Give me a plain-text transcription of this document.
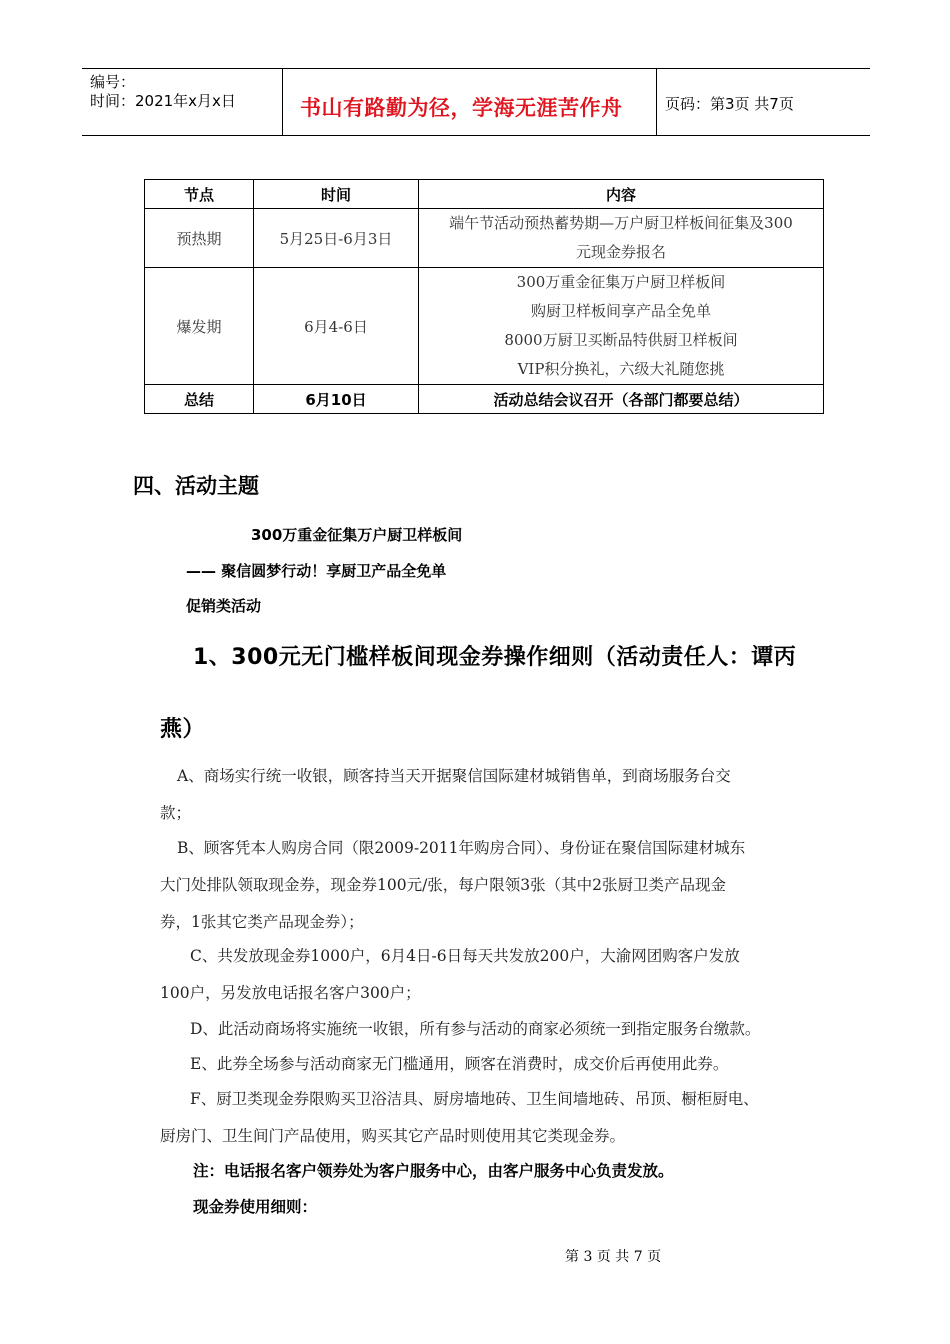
编号：
时间：2021年x月x日	书山有路勤为径，学海无涯苦作舟	页码：第3页 共7页
节点	时间	内容
预热期	5月25日-6月3日	端午节活动预热蓄势期—万户厨卫样板间征集及300
元现金券报名

爆发期	6月4-6日	300万重金征集万户厨卫样板间
购厨卫样板间享产品全免单
8000万厨卫买断品特供厨卫样板间
VIP积分换礼，六级大礼随您挑

总结	6月10日	活动总结会议召开（各部门都要总结）
四、活动主题
300万重金征集万户厨卫样板间
—— 聚信圆梦行动！享厨卫产品全免单
促销类活动
1、300元无门槛样板间现金券操作细则（活动责任人：谭丙
燕）
A、商场实行统一收银，顾客持当天开据聚信国际建材城销售单，到商场服务台交
款；
B、顾客凭本人购房合同（限2009-2011年购房合同）、身份证在聚信国际建材城东
大门处排队领取现金券，现金券100元/张，每户限领3张（其中2张厨卫类产品现金
券，1张其它类产品现金券）；
C、共发放现金券1000户，6月4日-6日每天共发放200户，大渝网团购客户发放
100户，另发放电话报名客户300户；
D、此活动商场将实施统一收银，所有参与活动的商家必须统一到指定服务台缴款。
E、此券全场参与活动商家无门槛通用，顾客在消费时，成交价后再使用此券。
F、厨卫类现金券限购买卫浴洁具、厨房墙地砖、卫生间墙地砖、吊顶、橱柜厨电、
厨房门、卫生间门产品使用，购买其它产品时则使用其它类现金券。
注：电话报名客户领券处为客户服务中心，由客户服务中心负责发放。
现金券使用细则：
第 3 页 共 7 页
